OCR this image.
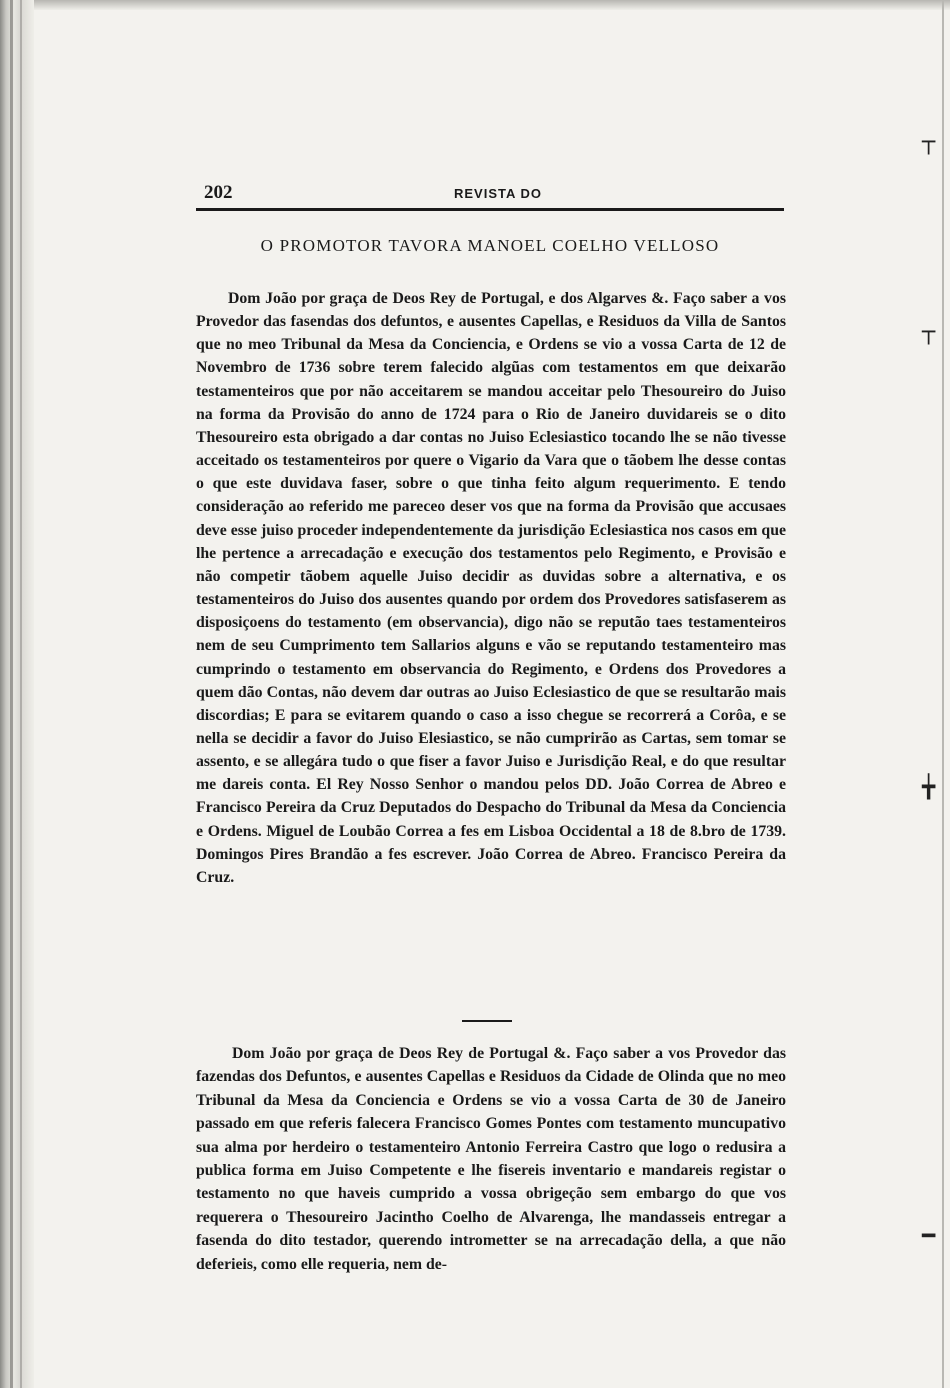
┬
┬
╈
━
202	REVISTA DO
O PROMOTOR TAVORA MANOEL COELHO VELLOSO

Dom João por graça de Deos Rey de Portugal, e dos Algarves &. Faço saber a vos Provedor das fasendas dos defuntos, e ausentes Capellas, e Residuos da Villa de Santos que no meo Tribunal da Mesa da Conciencia, e Ordens se vio a vossa Carta de 12 de Novembro de 1736 sobre terem falecido algũas com testamentos em que deixarão testamenteiros que por não acceitarem se mandou acceitar pelo Thesoureiro do Juiso na forma da Provisão do anno de 1724 para o Rio de Janeiro duvidareis se o dito Thesoureiro esta obrigado a dar contas no Juiso Eclesiastico tocando lhe se não tivesse acceitado os testamenteiros por quere o Vigario da Vara que o tãobem lhe desse contas o que este duvidava faser, sobre o que tinha feito algum requerimento. E tendo consideração ao referido me pareceo deser vos que na forma da Provisão que accusaes deve esse juiso proceder independentemente da jurisdição Eclesiastica nos casos em que lhe pertence a arrecadação e execução dos testamentos pelo Regimento, e Provisão e não competir tãobem aquelle Juiso decidir as duvidas sobre a alternativa, e os testamenteiros do Juiso dos ausentes quando por ordem dos Provedores satisfaserem as disposiçoens do testamento (em observancia), digo não se reputão taes testamenteiros nem de seu Cumprimento tem Sallarios alguns e vão se reputando testamenteiro mas cumprindo o testamento em observancia do Regimento, e Ordens dos Provedores a quem dão Contas, não devem dar outras ao Juiso Eclesiastico de que se resultarão mais discordias; E para se evitarem quando o caso a isso chegue se recorrerá a Corôa, e se nella se decidir a favor do Juiso Elesiastico, se não cumprirão as Cartas, sem tomar se assento, e se allegára tudo o que fiser a favor Juiso e Jurisdição Real, e do que resultar me dareis conta. El Rey Nosso Senhor o mandou pelos DD. João Correa de Abreo e Francisco Pereira da Cruz Deputados do Despacho do Tribunal da Mesa da Conciencia e Ordens. Miguel de Loubão Correa a fes em Lisboa Occidental a 18 de 8.bro de 1739. Domingos Pires Brandão a fes escrever. João Correa de Abreo. Francisco Pereira da Cruz.

Dom João por graça de Deos Rey de Portugal &. Faço saber a vos Provedor das fazendas dos Defuntos, e ausentes Capellas e Residuos da Cidade de Olinda que no meo Tribunal da Mesa da Conciencia e Ordens se vio a vossa Carta de 30 de Janeiro passado em que referis falecera Francisco Gomes Pontes com testamento muncupativo sua alma por herdeiro o testamenteiro Antonio Ferreira Castro que logo o redusira a publica forma em Juiso Competente e lhe fisereis inventario e mandareis registar o testamento no que haveis cumprido a vossa obrigeção sem embargo do que vos requerera o Thesoureiro Jacintho Coelho de Alvarenga, lhe mandasseis entregar a fasenda do dito testador, querendo intrometter se na arrecadação della, a que não deferieis, como elle requeria, nem de-
